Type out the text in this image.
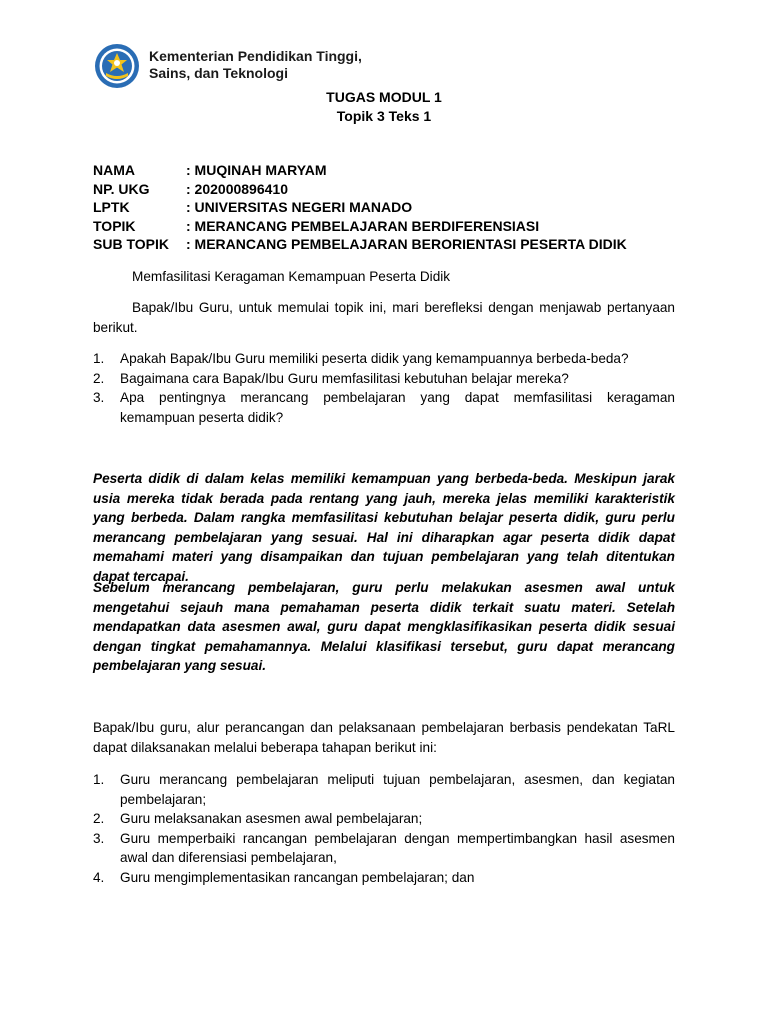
Kementerian Pendidikan Tinggi,
Sains, dan Teknologi
TUGAS MODUL 1
Topik 3 Teks 1
NAMA	: MUQINAH MARYAM
NP. UKG	: 202000896410
LPTK	: UNIVERSITAS NEGERI MANADO
TOPIK	: MERANCANG PEMBELAJARAN BERDIFERENSIASI
SUB TOPIK	: MERANCANG PEMBELAJARAN BERORIENTASI PESERTA DIDIK
Memfasilitasi Keragaman Kemampuan Peserta Didik
Bapak/Ibu Guru, untuk memulai topik ini, mari berefleksi dengan menjawab pertanyaan berikut.
1.	Apakah Bapak/Ibu Guru memiliki peserta didik yang kemampuannya berbeda-beda?
2.	Bagaimana cara Bapak/Ibu Guru memfasilitasi kebutuhan belajar mereka?
3.	Apa pentingnya merancang pembelajaran yang dapat memfasilitasi keragaman kemampuan peserta didik?
Peserta didik di dalam kelas memiliki kemampuan yang berbeda-beda. Meskipun jarak usia mereka tidak berada pada rentang yang jauh, mereka jelas memiliki karakteristik yang berbeda. Dalam rangka memfasilitasi kebutuhan belajar peserta didik, guru perlu merancang pembelajaran yang sesuai. Hal ini diharapkan agar peserta didik dapat memahami materi yang disampaikan dan tujuan pembelajaran yang telah ditentukan dapat tercapai.
Sebelum merancang pembelajaran, guru perlu melakukan asesmen awal untuk mengetahui sejauh mana pemahaman peserta didik terkait suatu materi. Setelah mendapatkan data asesmen awal, guru dapat mengklasifikasikan peserta didik sesuai dengan tingkat pemahamannya. Melalui klasifikasi tersebut, guru dapat merancang pembelajaran yang sesuai.
Bapak/Ibu guru, alur perancangan dan pelaksanaan pembelajaran berbasis pendekatan TaRL dapat dilaksanakan melalui beberapa tahapan berikut ini:
1.	Guru merancang pembelajaran meliputi tujuan pembelajaran, asesmen, dan kegiatan pembelajaran;
2.	Guru melaksanakan asesmen awal pembelajaran;
3.	Guru memperbaiki rancangan pembelajaran dengan mempertimbangkan hasil asesmen awal dan diferensiasi pembelajaran,
4.	Guru mengimplementasikan rancangan pembelajaran; dan
